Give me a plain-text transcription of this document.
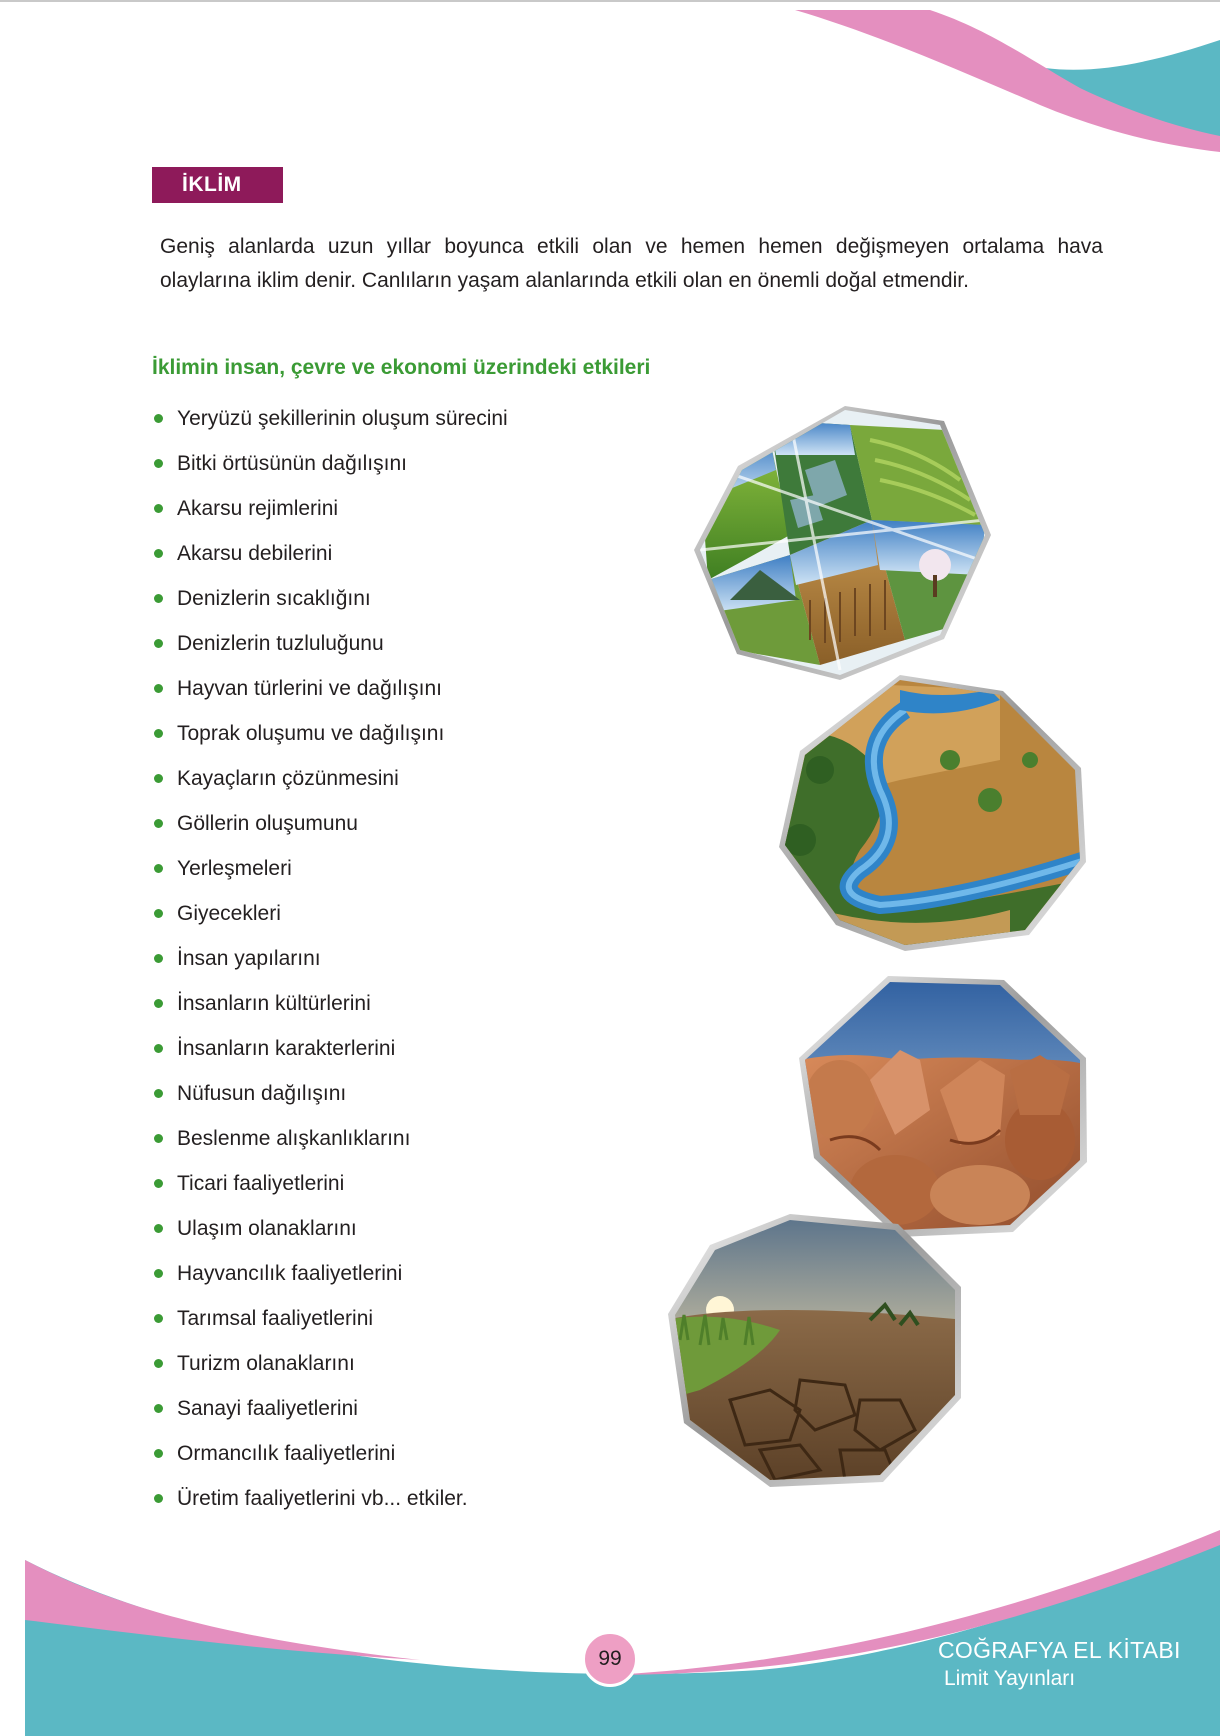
İKLİM

Geniş alanlarda uzun yıllar boyunca etkili olan ve hemen hemen değişmeyen ortalama hava olaylarına iklim denir. Canlıların yaşam alanlarında etkili olan en önemli doğal etmendir.

İklimin insan, çevre ve ekonomi üzerindeki etkileri
Yeryüzü şekillerinin oluşum sürecini
Bitki örtüsünün dağılışını
Akarsu rejimlerini
Akarsu debilerini
Denizlerin sıcaklığını
Denizlerin tuzluluğunu
Hayvan türlerini ve dağılışını
Toprak oluşumu ve dağılışını
Kayaçların çözünmesini
Göllerin oluşumunu
Yerleşmeleri
Giyecekleri
İnsan yapılarını
İnsanların kültürlerini
İnsanların karakterlerini
Nüfusun dağılışını
Beslenme alışkanlıklarını
Ticari faaliyetlerini
Ulaşım olanaklarını
Hayvancılık faaliyetlerini
Tarımsal faaliyetlerini
Turizm olanaklarını
Sanayi faaliyetlerini
Ormancılık faaliyetlerini
Üretim faaliyetlerini vb... etkiler.
99	COĞRAFYA EL KİTABI
Limit Yayınları
